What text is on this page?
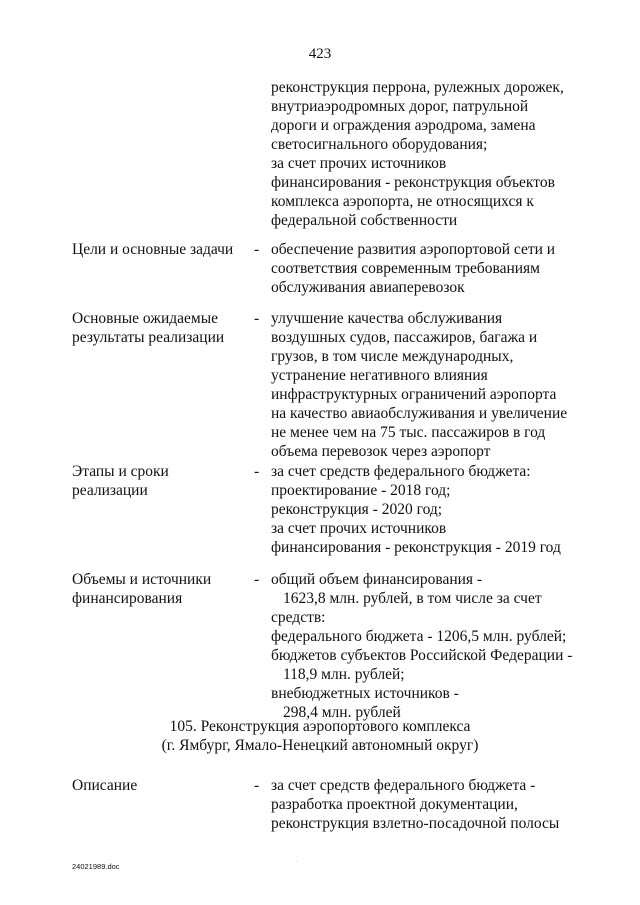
423
реконструкция перрона, рулежных дорожек,
внутриаэродромных дорог, патрульной
дороги и ограждения аэродрома, замена
светосигнального оборудования;
за счет прочих источников
финансирования - реконструкция объектов
комплекса аэропорта, не относящихся к
федеральной собственности
Цели и основные задачи	- обеспечение развития аэропортовой сети и
соответствия современным требованиям
обслуживания авиаперевозок
Основные ожидаемые
результаты реализации
- улучшение качества обслуживания
воздушных судов, пассажиров, багажа и
грузов, в том числе международных,
устранение негативного влияния
инфраструктурных ограничений аэропорта
на качество авиаобслуживания и увеличение
не менее чем на 75 тыс. пассажиров в год
объема перевозок через аэропорт
Этапы и сроки
реализации
- за счет средств федерального бюджета:
проектирование - 2018 год;
реконструкция - 2020 год;
за счет прочих источников
финансирования - реконструкция - 2019 год
Объемы и источники
финансирования
- общий объем финансирования -
1623,8 млн. рублей, в том числе за счет
средств:
федерального бюджета - 1206,5 млн. рублей;
бюджетов субъектов Российской Федерации -
118,9 млн. рублей;
внебюджетных источников -
298,4 млн. рублей
105. Реконструкция аэропортового комплекса
(г. Ямбург, Ямало-Ненецкий автономный округ)
Описание	- за счет средств федерального бюджета -
разработка проектной документации,
реконструкция взлетно-посадочной полосы
.
24021989.doc
